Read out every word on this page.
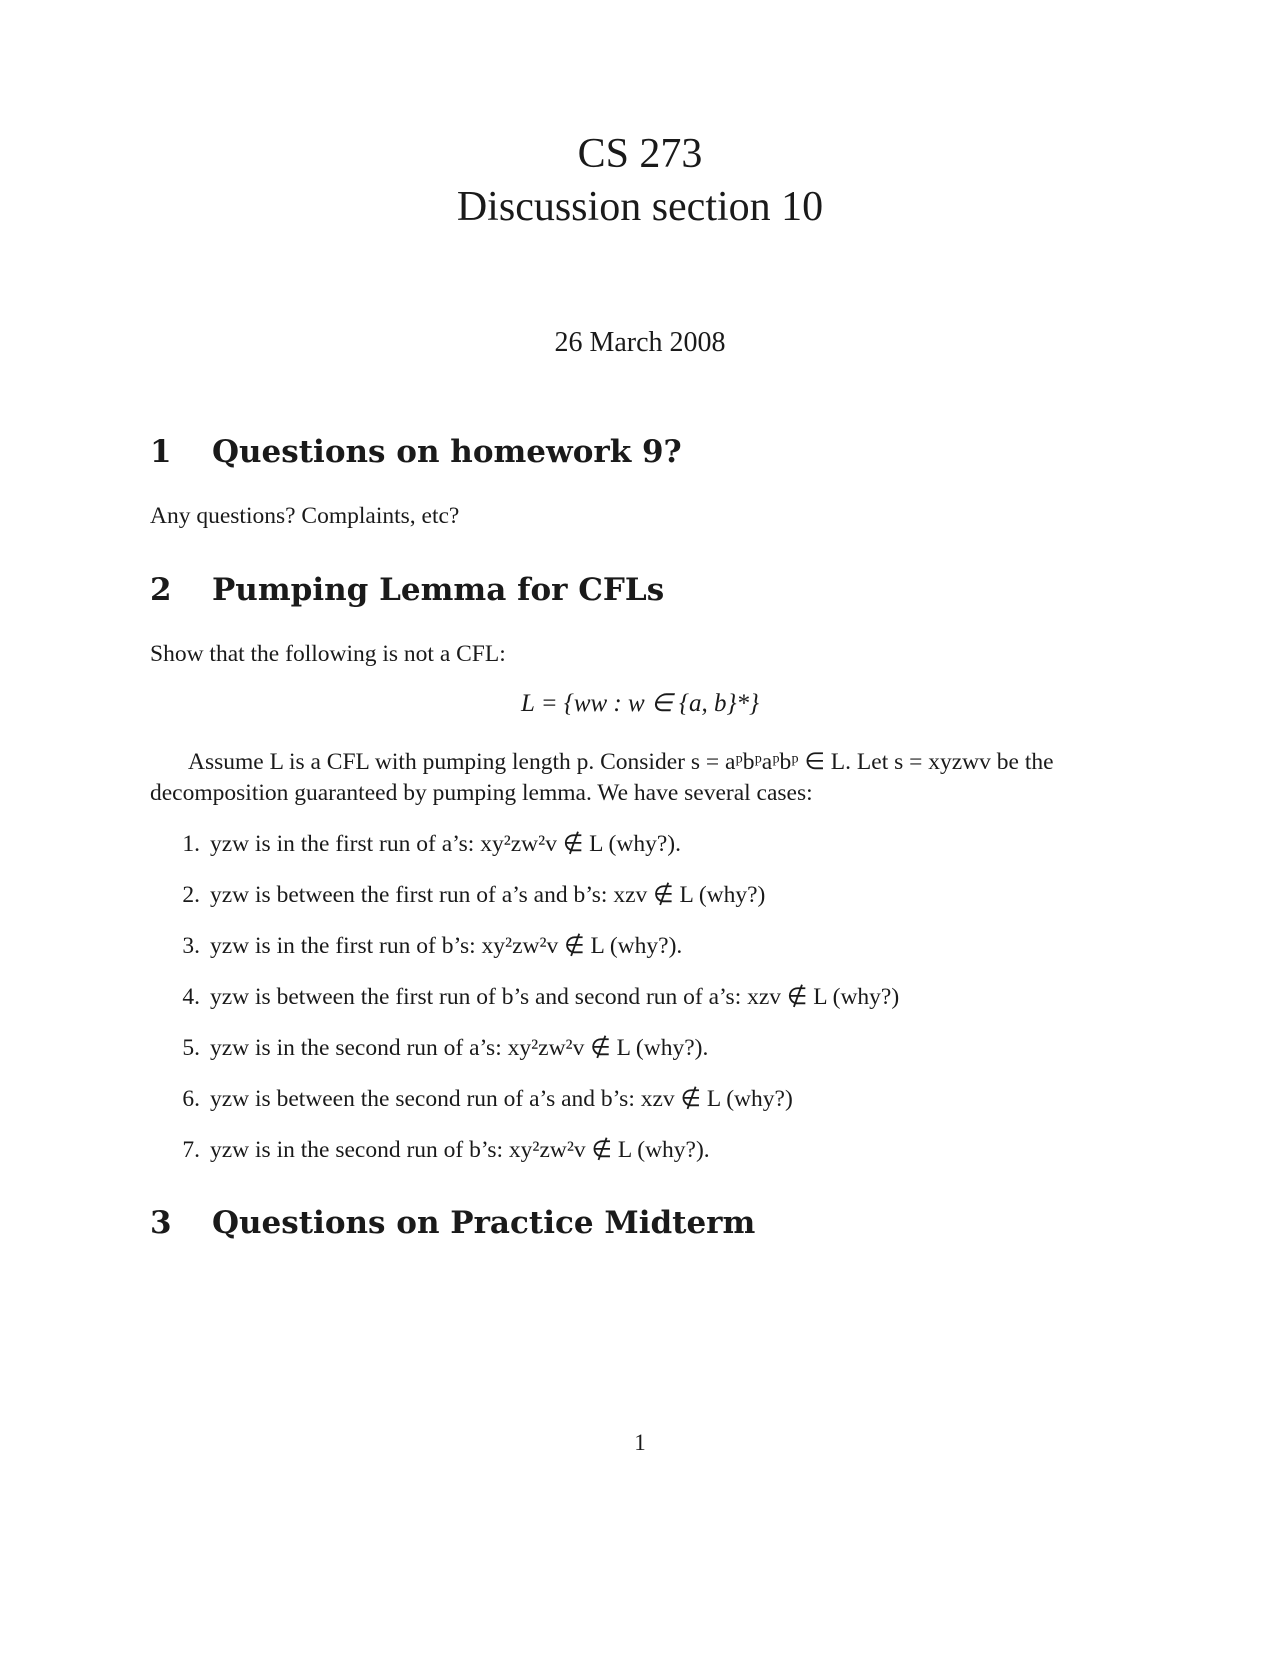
CS 273
Discussion section 10
26 March 2008
1 Questions on homework 9?

Any questions? Complaints, etc?

2 Pumping Lemma for CFLs

Show that the following is not a CFL:

L = {ww : w ∈ {a, b}*}

Assume L is a CFL with pumping length p. Consider s = aᵖbᵖaᵖbᵖ ∈ L. Let s = xyzwv be the decomposition guaranteed by pumping lemma. We have several cases:

1. yzw is in the first run of a’s: xy²zw²v ∉ L (why?).
2. yzw is between the first run of a’s and b’s: xzv ∉ L (why?)
3. yzw is in the first run of b’s: xy²zw²v ∉ L (why?).
4. yzw is between the first run of b’s and second run of a’s: xzv ∉ L (why?)
5. yzw is in the second run of a’s: xy²zw²v ∉ L (why?).
6. yzw is between the second run of a’s and b’s: xzv ∉ L (why?)
7. yzw is in the second run of b’s: xy²zw²v ∉ L (why?).
3 Questions on Practice Midterm
1
